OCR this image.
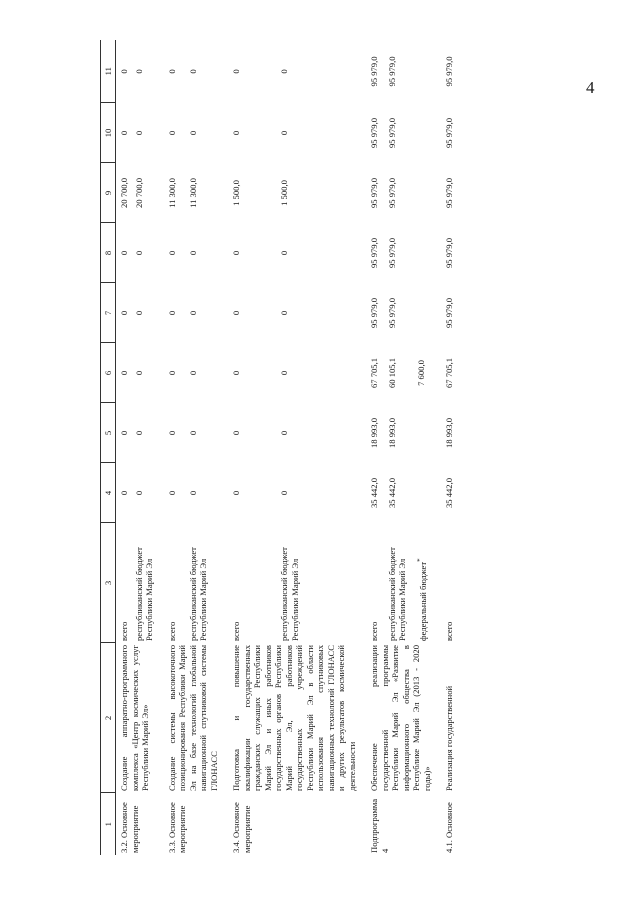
4
1	2	3	4	5	6	7	8	9	10	11
3.2. Основное мероприятие	Создание аппаратно-программного комплекса «Центр космических услуг Республики Марий Эл»	всего	0	0	0	0	0	20 700,0	0	0
		республиканский бюджет Республики Марий Эл	0	0	0	0	0	20 700,0	0	0

3.3. Основное мероприятие	Создание системы высокоточного позиционирования Республики Марий Эл на базе технологий глобальной навигационной спутниковой системы ГЛОНАСС	всего	0	0	0	0	0	11 300,0	0	0
		республиканский бюджет Республики Марий Эл	0	0	0	0	0	11 300,0	0	0

3.4. Основное мероприятие	Подготовка и повышение квалификации государственных гражданских служащих Республики Марий Эл и иных работников государственных органов Республики Марий Эл, работников государственных учреждений Республики Марий Эл в области использования спутниковых навигационных технологий ГЛОНАСС и других результатов космической деятельности	всего	0	0	0	0	0	1 500,0	0	0
		республиканский бюджет Республики Марий Эл	0	0	0	0	0	1 500,0	0	0

Подпрограмма 4	Обеспечение реализации государственной программы Республики Марий Эл «Развитие информационного общества в Республике Марий Эл (2013 - 2020 годы)»	всего	35 442,0	18 993,0	67 705,1	95 979,0	95 979,0	95 979,0	95 979,0	95 979,0
		республиканский бюджет Республики Марий Эл	35 442,0	18 993,0	60 105,1	95 979,0	95 979,0	95 979,0	95 979,0	95 979,0
		федеральный бюджет*			7 600,0					

4.1. Основное	Реализация государственной	всего	35 442,0	18 993,0	67 705,1	95 979,0	95 979,0	95 979,0	95 979,0	95 979,0
